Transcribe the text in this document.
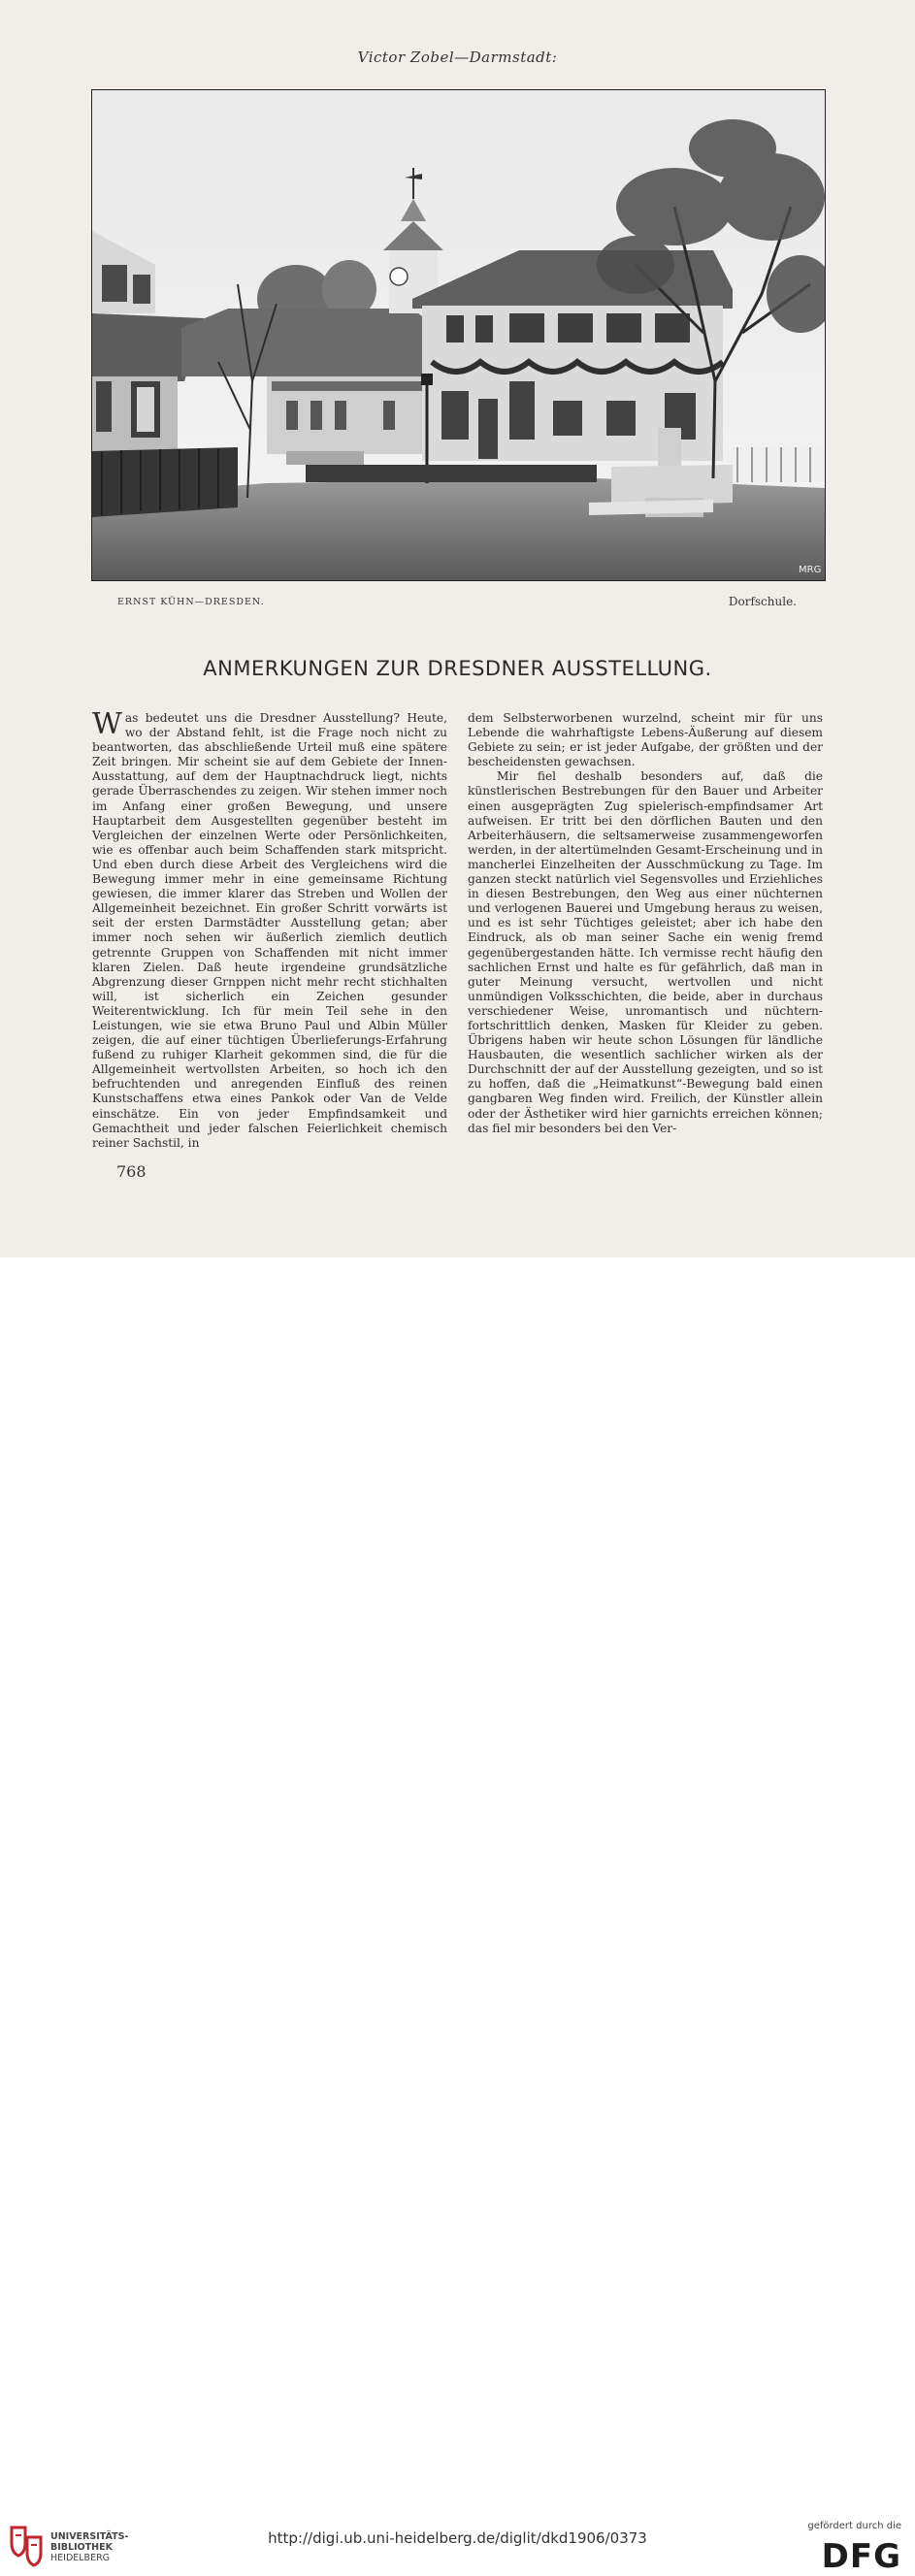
Victor Zobel—Darmstadt:
MRG
ERNST KÜHN—DRESDEN.	Dorfschule.
ANMERKUNGEN ZUR DRESDNER AUSSTELLUNG.

Was bedeutet uns die Dresdner Ausstellung? Heute, wo der Abstand fehlt, ist die Frage noch nicht zu beantworten, das abschließende Urteil muß eine spätere Zeit bringen. Mir scheint sie auf dem Gebiete der Innen-Ausstattung, auf dem der Hauptnachdruck liegt, nichts gerade Überraschendes zu zeigen. Wir stehen immer noch im Anfang einer großen Bewegung, und unsere Hauptarbeit dem Ausgestellten gegenüber besteht im Vergleichen der einzelnen Werte oder Persönlichkeiten, wie es offenbar auch beim Schaffenden stark mitspricht. Und eben durch diese Arbeit des Vergleichens wird die Bewegung immer mehr in eine gemeinsame Richtung gewiesen, die immer klarer das Streben und Wollen der Allgemeinheit bezeichnet. Ein großer Schritt vorwärts ist seit der ersten Darmstädter Ausstellung getan; aber immer noch sehen wir äußerlich ziemlich deutlich getrennte Gruppen von Schaffenden mit nicht immer klaren Zielen. Daß heute irgendeine grundsätzliche Abgrenzung dieser Grnppen nicht mehr recht stichhalten will, ist sicherlich ein Zeichen gesunder Weiterentwicklung. Ich für mein Teil sehe in den Leistungen, wie sie etwa Bruno Paul und Albin Müller zeigen, die auf einer tüchtigen Überlieferungs-Erfahrung fußend zu ruhiger Klarheit gekommen sind, die für die Allgemeinheit wertvollsten Arbeiten, so hoch ich den befruchtenden und anregenden Einfluß des reinen Kunstschaffens etwa eines Pankok oder Van de Velde einschätze. Ein von jeder Empfindsamkeit und Gemachtheit und jeder falschen Feierlichkeit chemisch reiner Sachstil, in

dem Selbsterworbenen wurzelnd, scheint mir für uns Lebende die wahrhaftigste Lebens-Äußerung auf diesem Gebiete zu sein; er ist jeder Aufgabe, der größten und der bescheidensten gewachsen.

Mir fiel deshalb besonders auf, daß die künstlerischen Bestrebungen für den Bauer und Arbeiter einen ausgeprägten Zug spielerisch-empfindsamer Art aufweisen. Er tritt bei den dörflichen Bauten und den Arbeiterhäusern, die seltsamerweise zusammengeworfen werden, in der altertümelnden Gesamt-Erscheinung und in mancherlei Einzelheiten der Ausschmückung zu Tage. Im ganzen steckt natürlich viel Segensvolles und Erziehliches in diesen Bestrebungen, den Weg aus einer nüchternen und verlogenen Bauerei und Umgebung heraus zu weisen, und es ist sehr Tüchtiges geleistet; aber ich habe den Eindruck, als ob man seiner Sache ein wenig fremd gegenübergestanden hätte. Ich vermisse recht häufig den sachlichen Ernst und halte es für gefährlich, daß man in guter Meinung versucht, wertvollen und nicht unmündigen Volksschichten, die beide, aber in durchaus verschiedener Weise, unromantisch und nüchtern-fortschrittlich denken, Masken für Kleider zu geben. Übrigens haben wir heute schon Lösungen für ländliche Hausbauten, die wesentlich sachlicher wirken als der Durchschnitt der auf der Ausstellung gezeigten, und so ist zu hoffen, daß die „Heimatkunst“-Bewegung bald einen gangbaren Weg finden wird. Freilich, der Künstler allein oder der Ästhetiker wird hier garnichts erreichen können; das fiel mir besonders bei den Ver-

768
UNIVERSITÄTS-
BIBLIOTHEK
HEIDELBERG
http://digi.ub.uni-heidelberg.de/diglit/dkd1906/0373
gefördert durch die
DFG
